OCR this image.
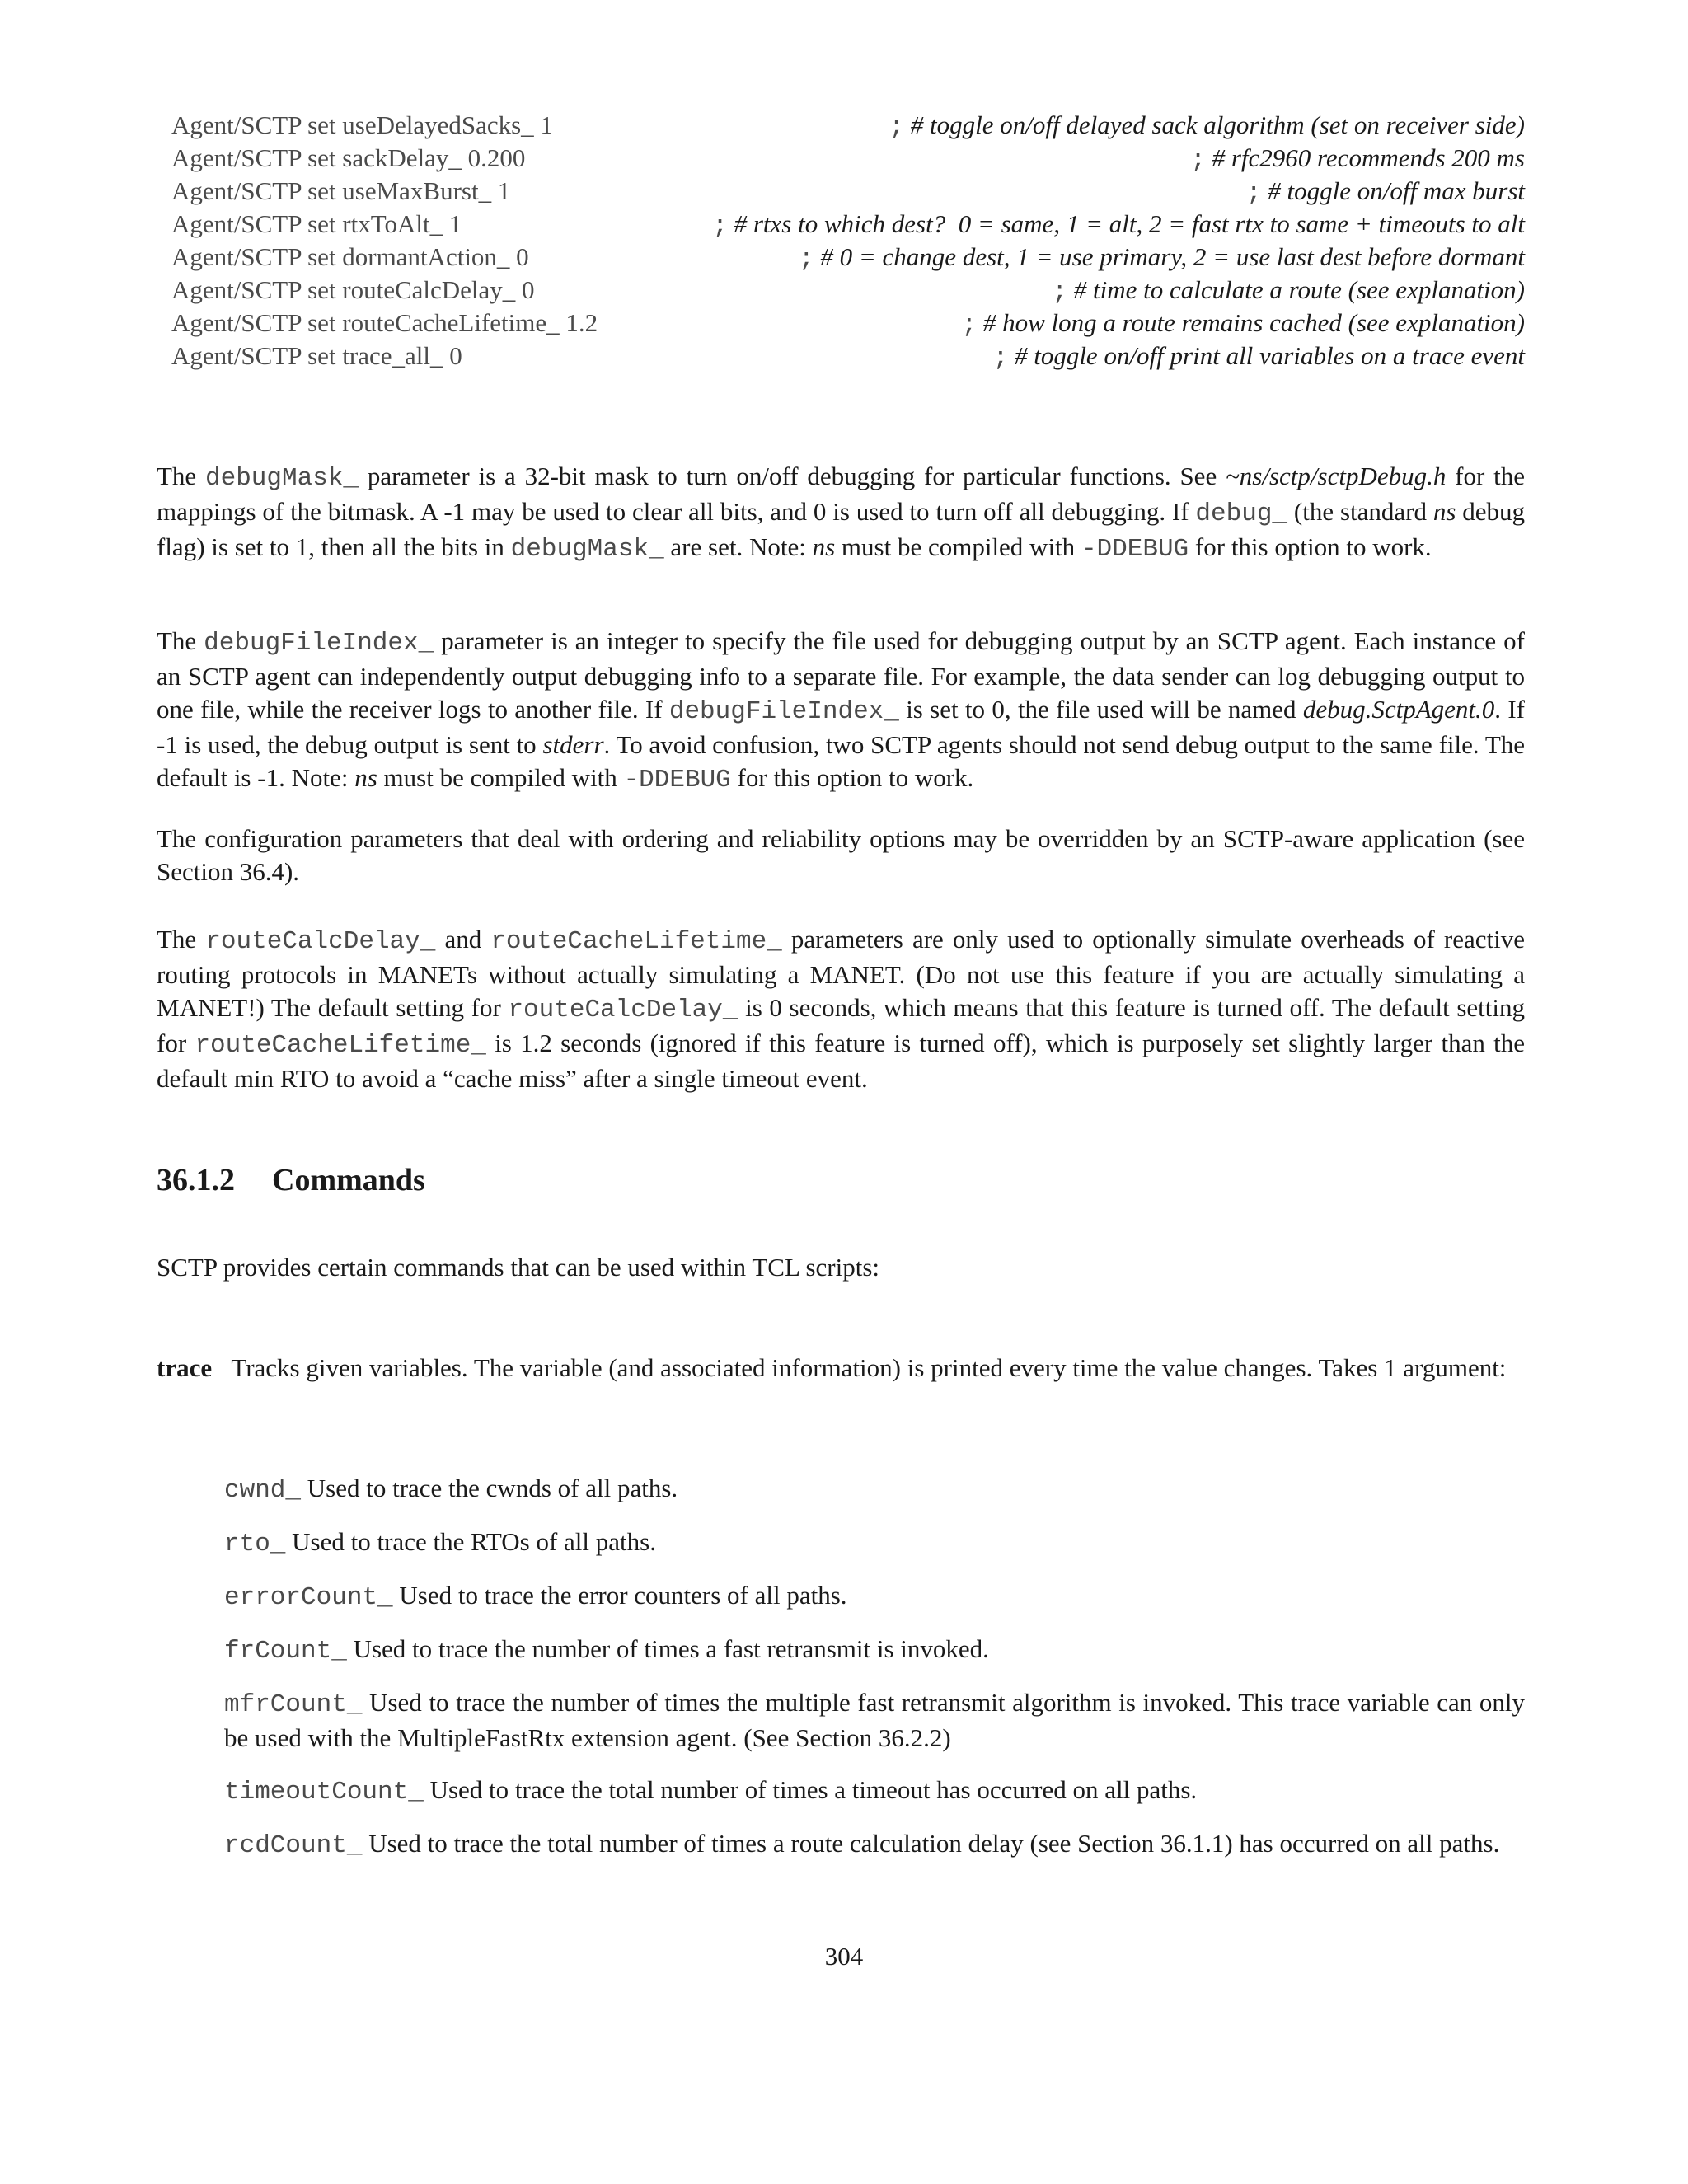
Agent/SCTP set useDelayedSacks_ 1	; # toggle on/off delayed sack algorithm (set on receiver side)
Agent/SCTP set sackDelay_ 0.200	; # rfc2960 recommends 200 ms
Agent/SCTP set useMaxBurst_ 1	; # toggle on/off max burst
Agent/SCTP set rtxToAlt_ 1	; # rtxs to which dest?  0 = same, 1 = alt, 2 = fast rtx to same + timeouts to alt
Agent/SCTP set dormantAction_ 0	; # 0 = change dest, 1 = use primary, 2 = use last dest before dormant
Agent/SCTP set routeCalcDelay_ 0	; # time to calculate a route (see explanation)
Agent/SCTP set routeCacheLifetime_ 1.2	; # how long a route remains cached (see explanation)
Agent/SCTP set trace_all_ 0	; # toggle on/off print all variables on a trace event

The debugMask_ parameter is a 32-bit mask to turn on/off debugging for particular functions. See ~ns/sctp/sctpDebug.h for the mappings of the bitmask. A -1 may be used to clear all bits, and 0 is used to turn off all debugging. If debug_ (the standard ns debug flag) is set to 1, then all the bits in debugMask_ are set. Note: ns must be compiled with -DDEBUG for this option to work.

The debugFileIndex_ parameter is an integer to specify the file used for debugging output by an SCTP agent. Each instance of an SCTP agent can independently output debugging info to a separate file. For example, the data sender can log debugging output to one file, while the receiver logs to another file. If debugFileIndex_ is set to 0, the file used will be named debug.SctpAgent.0. If -1 is used, the debug output is sent to stderr. To avoid confusion, two SCTP agents should not send debug output to the same file. The default is -1. Note: ns must be compiled with -DDEBUG for this option to work.

The configuration parameters that deal with ordering and reliability options may be overridden by an SCTP-aware application (see Section 36.4).

The routeCalcDelay_ and routeCacheLifetime_ parameters are only used to optionally simulate overheads of reactive routing protocols in MANETs without actually simulating a MANET. (Do not use this feature if you are actually simulating a MANET!) The default setting for routeCalcDelay_ is 0 seconds, which means that this feature is turned off. The default setting for routeCacheLifetime_ is 1.2 seconds (ignored if this feature is turned off), which is purposely set slightly larger than the default min RTO to avoid a “cache miss” after a single timeout event.

36.1.2 Commands

SCTP provides certain commands that can be used within TCL scripts:

trace Tracks given variables. The variable (and associated information) is printed every time the value changes. Takes 1 argument:

cwnd_ Used to trace the cwnds of all paths.

rto_ Used to trace the RTOs of all paths.

errorCount_ Used to trace the error counters of all paths.

frCount_ Used to trace the number of times a fast retransmit is invoked.

mfrCount_ Used to trace the number of times the multiple fast retransmit algorithm is invoked. This trace variable can only be used with the MultipleFastRtx extension agent. (See Section 36.2.2)

timeoutCount_ Used to trace the total number of times a timeout has occurred on all paths.

rcdCount_ Used to trace the total number of times a route calculation delay (see Section 36.1.1) has occurred on all paths.

304
